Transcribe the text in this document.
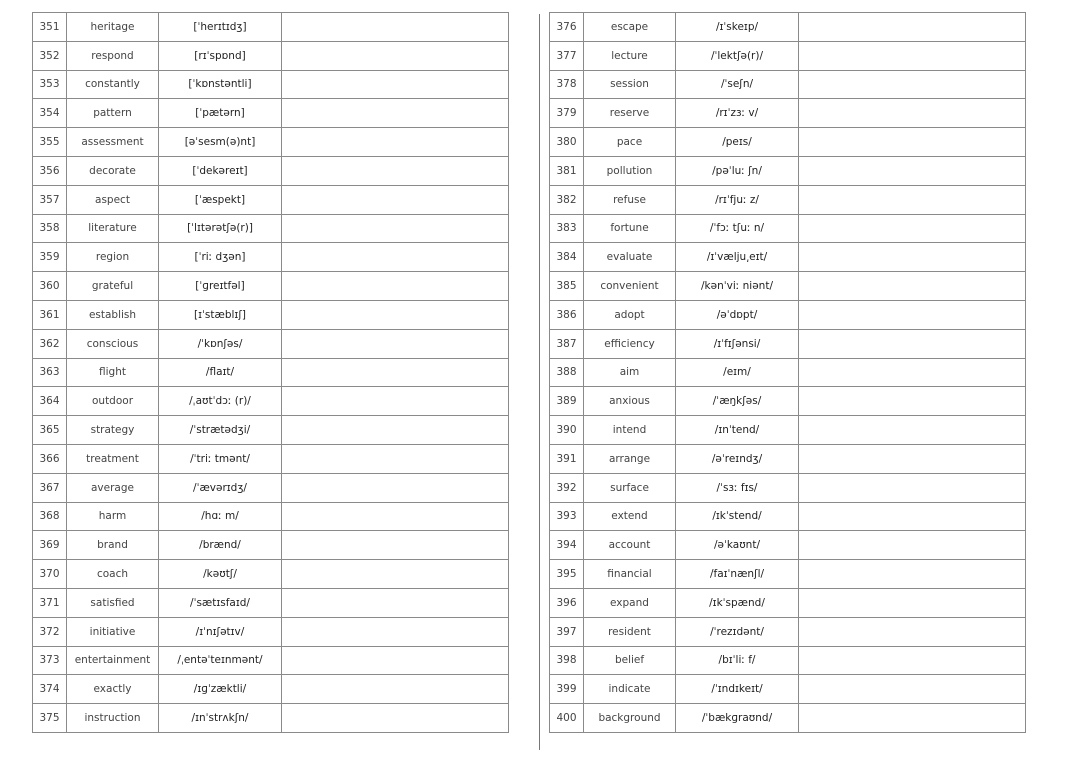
351	heritage	[ˈherɪtɪdʒ]	
352	respond	[rɪˈspɒnd]	
353	constantly	[ˈkɒnstəntli]	
354	pattern	[ˈpætərn]	
355	assessment	[əˈsesm(ə)nt]	
356	decorate	[ˈdekəreɪt]	
357	aspect	[ˈæspekt]	
358	literature	[ˈlɪtərətʃə(r)]	
359	region	[ˈriː dʒən]	
360	grateful	[ˈɡreɪtfəl]	
361	establish	[ɪˈstæblɪʃ]	
362	conscious	/ˈkɒnʃəs/	
363	flight	/flaɪt/	
364	outdoor	/ˌaʊtˈdɔː (r)/	
365	strategy	/ˈstrætədʒi/	
366	treatment	/ˈtriː tmənt/	
367	average	/ˈævərɪdʒ/	
368	harm	/hɑː m/	
369	brand	/brænd/	
370	coach	/kəʊtʃ/	
371	satisfied	/ˈsætɪsfaɪd/	
372	initiative	/ɪˈnɪʃətɪv/	
373	entertainment	/ˌentəˈteɪnmənt/	
374	exactly	/ɪɡˈzæktli/	
375	instruction	/ɪnˈstrʌkʃn/	
376	escape	/ɪˈskeɪp/	
377	lecture	/ˈlektʃə(r)/	
378	session	/ˈseʃn/	
379	reserve	/rɪˈzɜː v/	
380	pace	/peɪs/	
381	pollution	/pəˈluː ʃn/	
382	refuse	/rɪˈfjuː z/	
383	fortune	/ˈfɔː tʃuː n/	
384	evaluate	/ɪˈvælju͵eɪt/	
385	convenient	/kənˈviː niənt/	
386	adopt	/əˈdɒpt/	
387	efficiency	/ɪˈfɪʃənsi/	
388	aim	/eɪm/	
389	anxious	/ˈæŋkʃəs/	
390	intend	/ɪnˈtend/	
391	arrange	/əˈreɪndʒ/	
392	surface	/ˈsɜː fɪs/	
393	extend	/ɪkˈstend/	
394	account	/əˈkaʊnt/	
395	financial	/faɪˈnænʃl/	
396	expand	/ɪkˈspænd/	
397	resident	/ˈrezɪdənt/	
398	belief	/bɪˈliː f/	
399	indicate	/ˈɪndɪkeɪt/	
400	background	/ˈbækɡraʊnd/	
